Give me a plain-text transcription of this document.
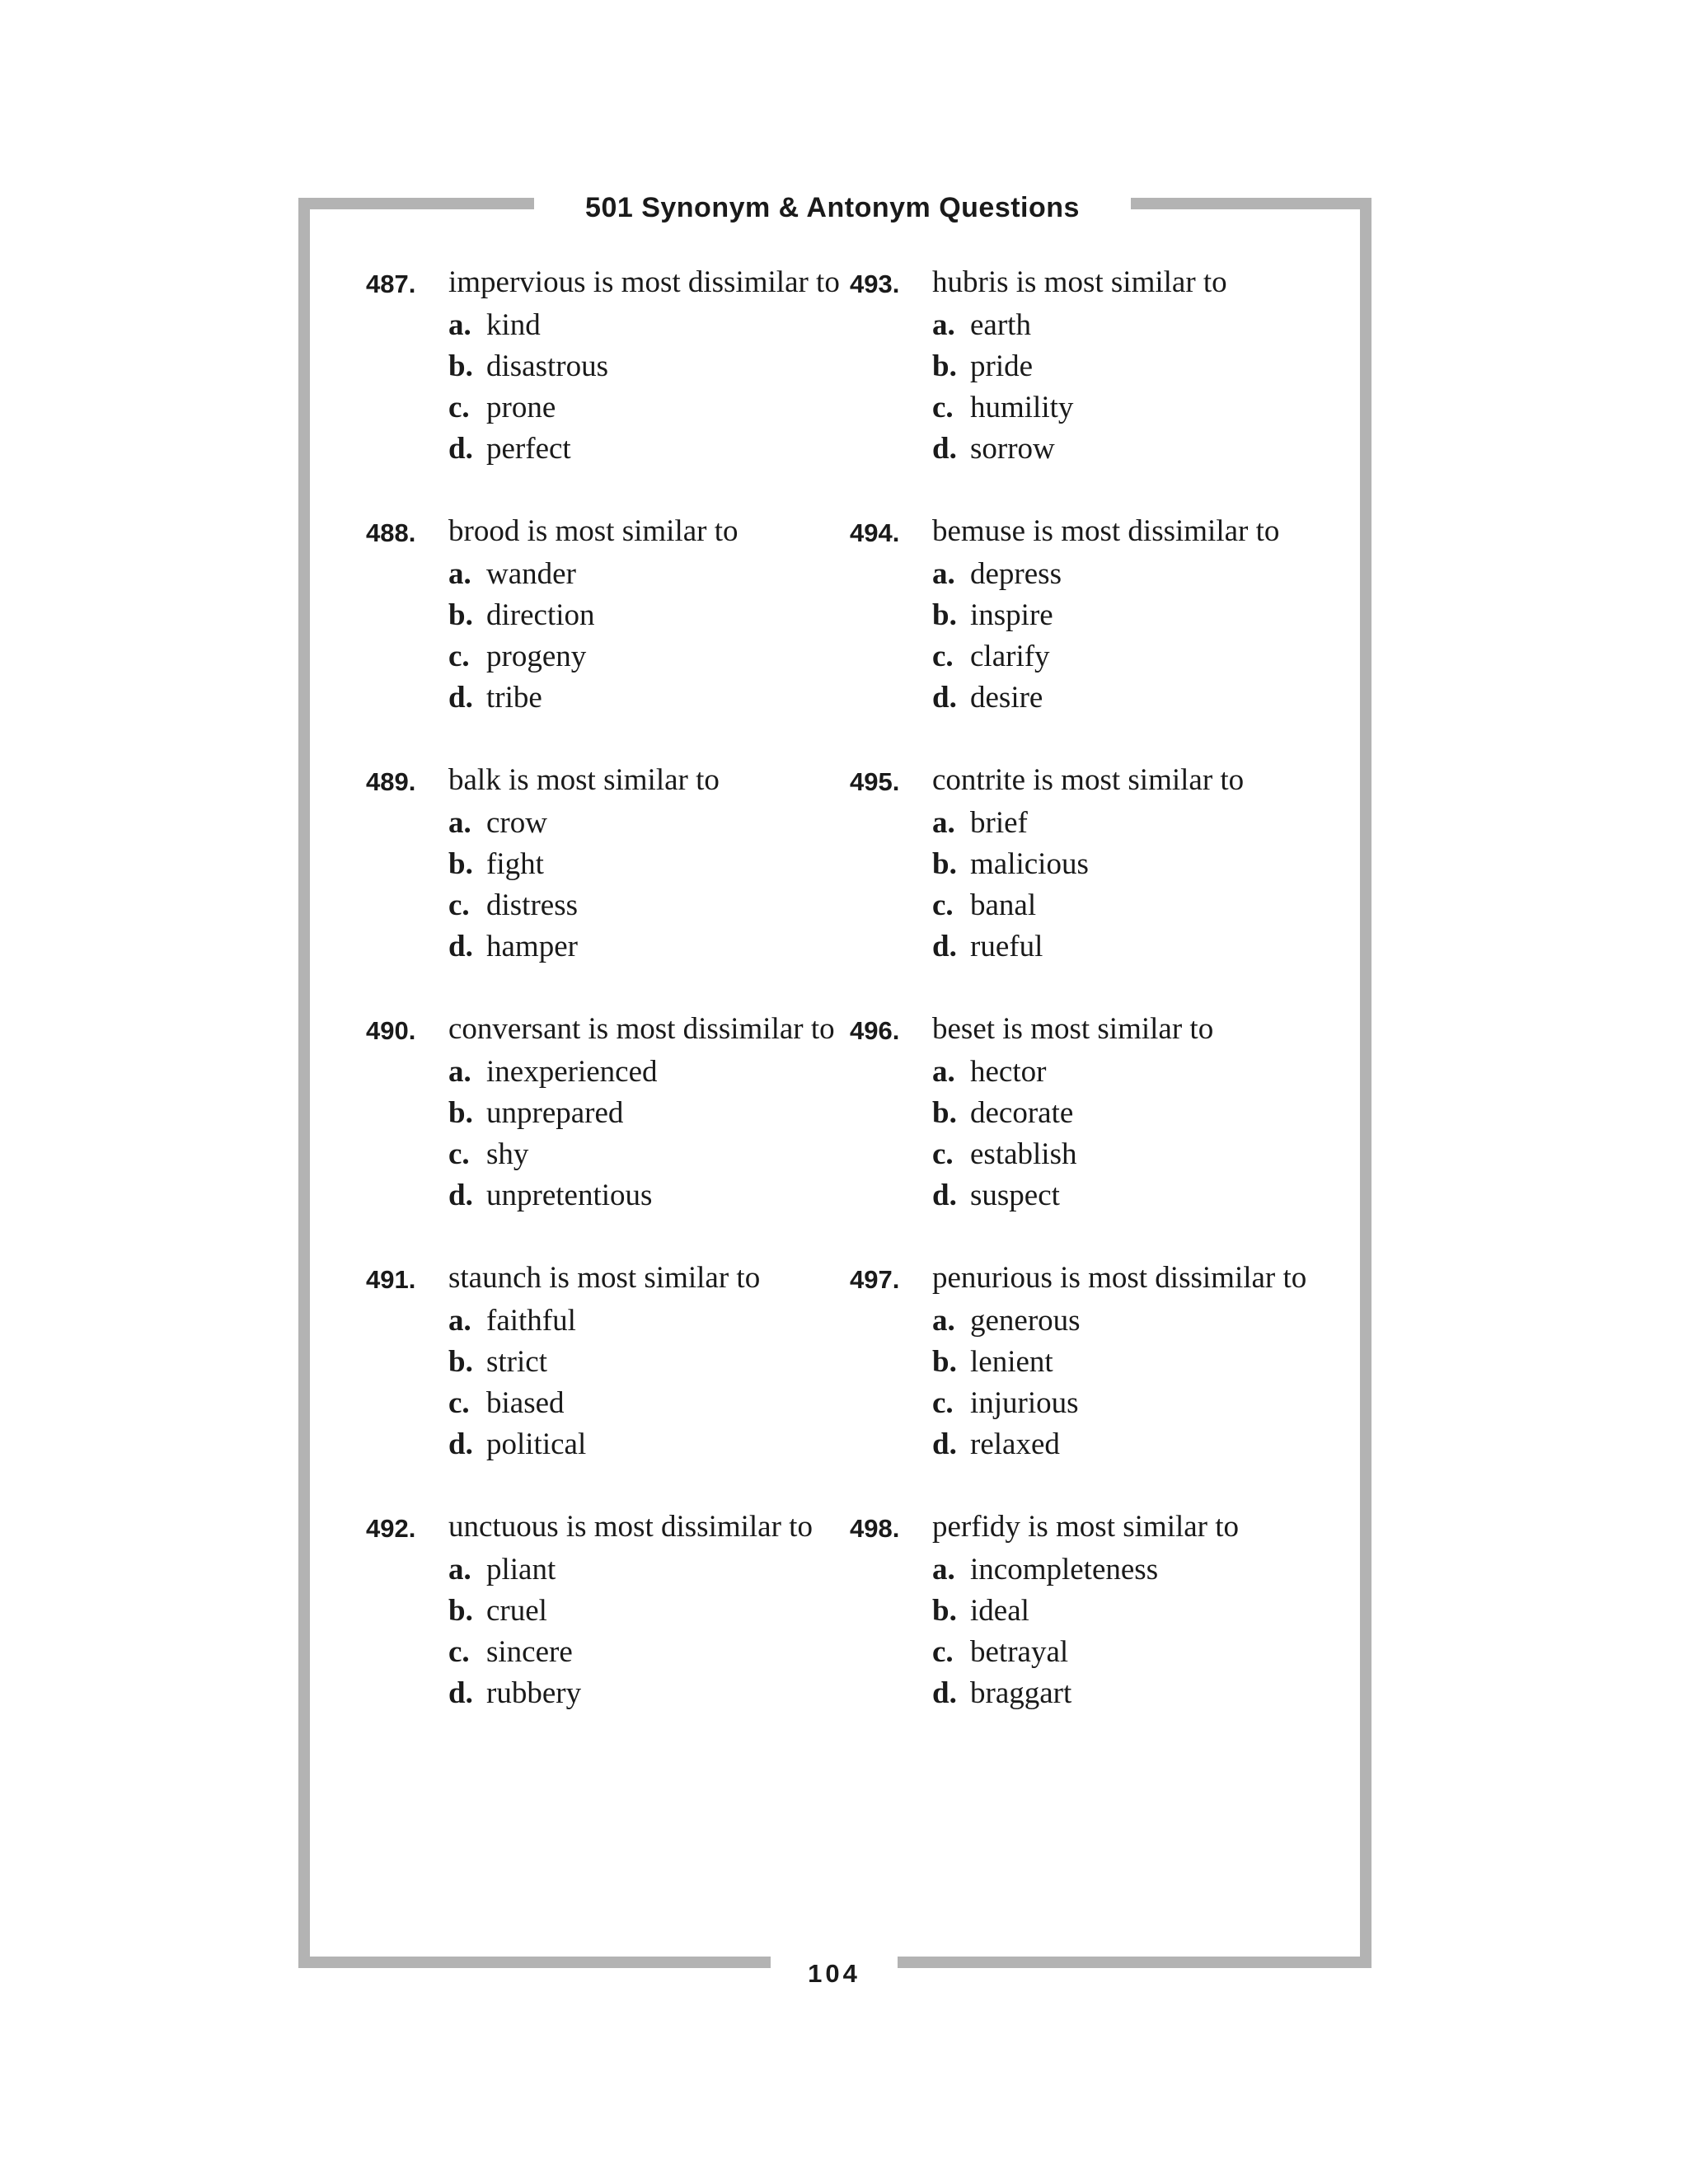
501 Synonym & Antonym Questions
104
487.	impervious is most dissimilar to
a. kind
b. disastrous
c. prone
d. perfect
488.	brood is most similar to
a. wander
b. direction
c. progeny
d. tribe
489.	balk is most similar to
a. crow
b. fight
c. distress
d. hamper
490.	conversant is most dissimilar to
a. inexperienced
b. unprepared
c. shy
d. unpretentious
491.	staunch is most similar to
a. faithful
b. strict
c. biased
d. political
492.	unctuous is most dissimilar to
a. pliant
b. cruel
c. sincere
d. rubbery
493.	hubris is most similar to
a. earth
b. pride
c. humility
d. sorrow
494.	bemuse is most dissimilar to
a. depress
b. inspire
c. clarify
d. desire
495.	contrite is most similar to
a. brief
b. malicious
c. banal
d. rueful
496.	beset is most similar to
a. hector
b. decorate
c. establish
d. suspect
497.	penurious is most dissimilar to
a. generous
b. lenient
c. injurious
d. relaxed
498.	perfidy is most similar to
a. incompleteness
b. ideal
c. betrayal
d. braggart
